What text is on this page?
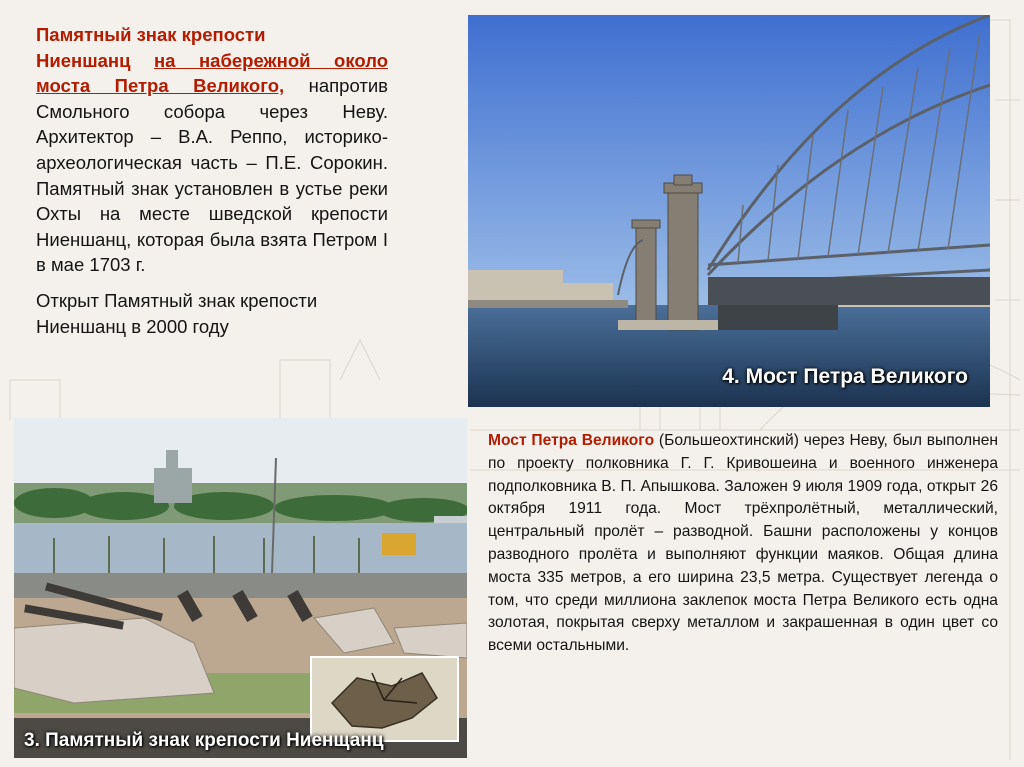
Памятный знак крепости
Ниеншанц на набережной около моста Петра Великого, напротив Смольного собора через Неву. Архитектор – В.А. Реппо, историко-археологическая часть – П.Е. Сорокин. Памятный знак установлен в устье реки Охты на месте шведской крепости Ниеншанц, которая была взята Петром I в мае 1703 г.

Открыт Памятный знак крепости Ниеншанц в 2000 году

4. Мост Петра Великого
3. Памятный знак крепости Ниенщанц

Мост Петра Великого (Большеохтинский) через Неву, был выполнен по проекту полковника Г. Г. Кривошеина и военного инженера подполковника В. П. Апышкова. Заложен 9 июля 1909 года, открыт 26 октября 1911 года. Мост трёхпролётный, металлический, центральный пролёт – разводной. Башни расположены у концов разводного пролёта и выполняют функции маяков. Общая длина моста 335 метров, а его ширина 23,5 метра. Существует легенда о том, что среди миллиона заклепок моста Петра Великого есть одна золотая, покрытая сверху металлом и закрашенная в один цвет со всеми остальными.
